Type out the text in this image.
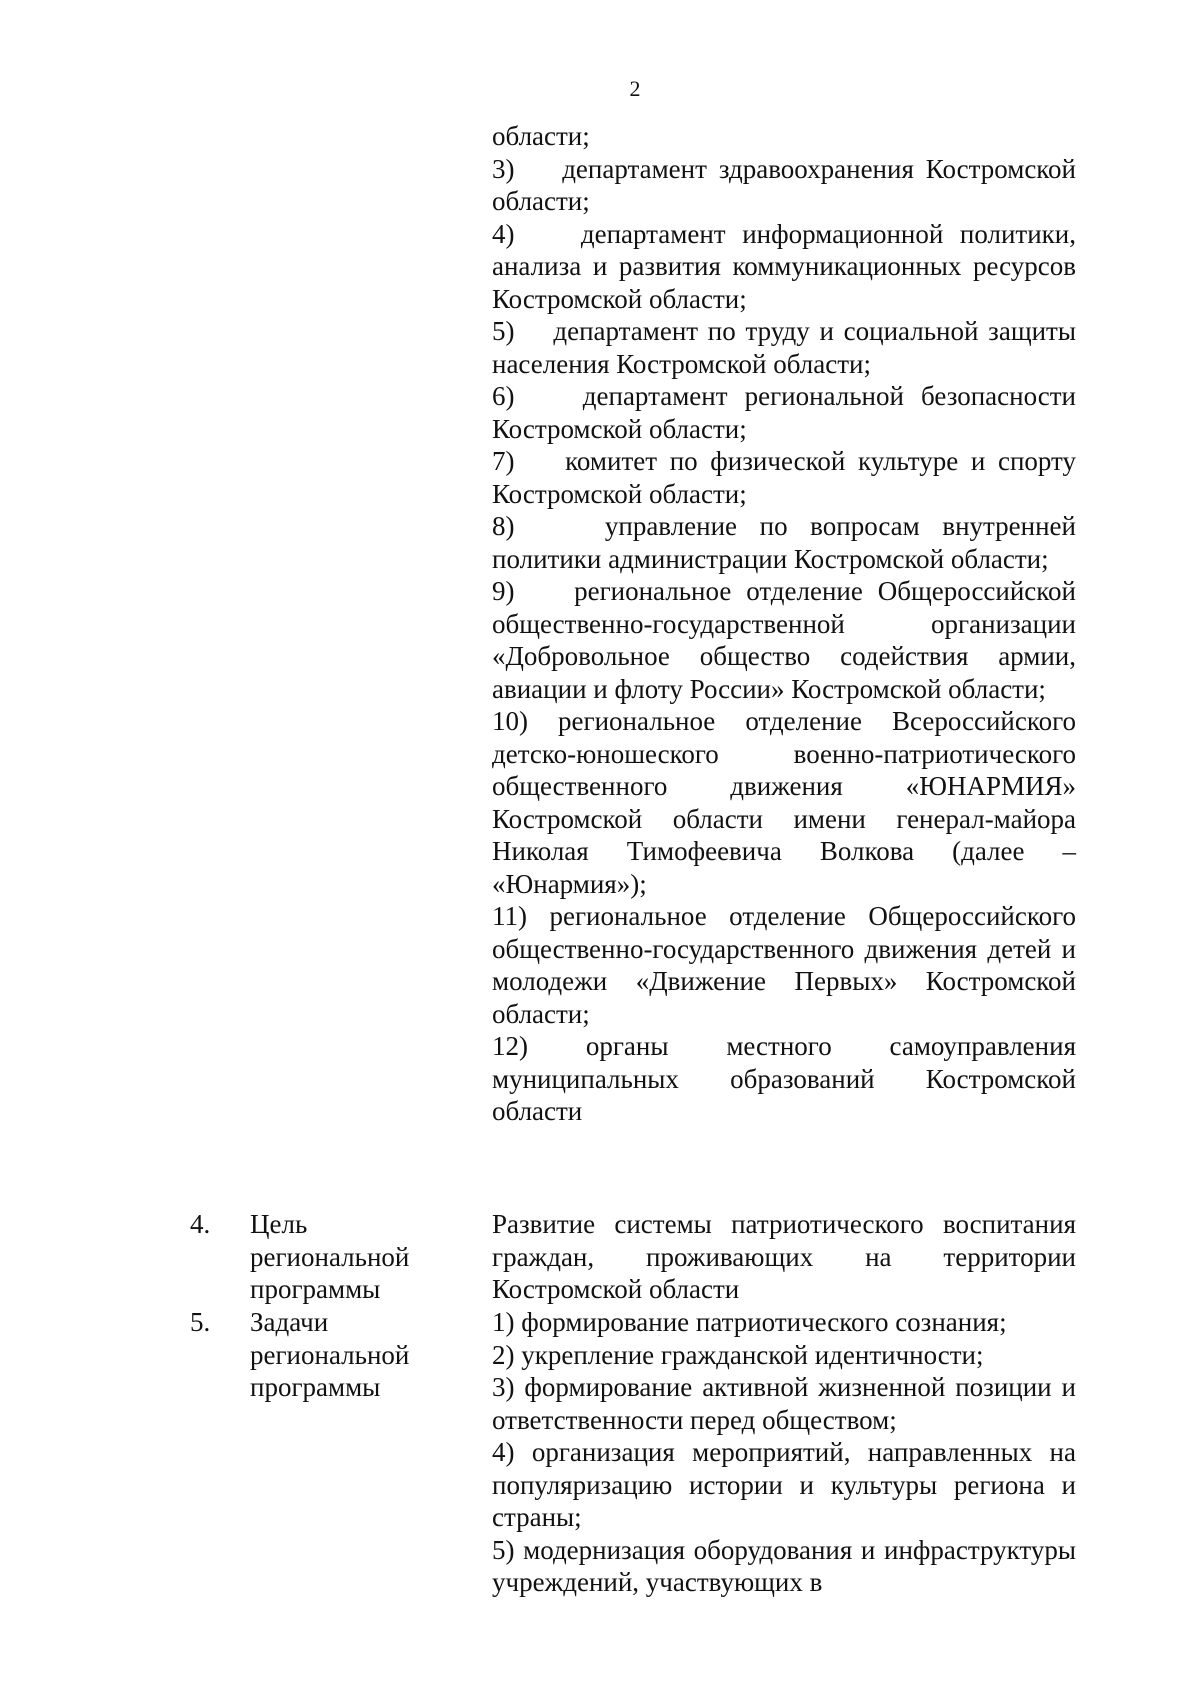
2

области;

3)    департамент здравоохранения Костромской области;

4)    департамент информационной политики, анализа и развития коммуникационных ресурсов Костромской области;

5)    департамент по труду и социальной защиты населения Костромской области;

6)    департамент региональной безопасности Костромской области;

7)    комитет по физической культуре и спорту Костромской области;

8)    управление по вопросам внутренней политики администрации Костромской области;

9)    региональное отделение Общероссийской общественно-государственной организации «Добровольное общество содействия армии, авиации и флоту России» Костромской области;

10) региональное отделение Всероссийского детско-юношеского военно-патриотического общественного движения «ЮНАРМИЯ» Костромской области имени генерал-майора Николая Тимофеевича Волкова (далее – «Юнармия»);

11) региональное отделение Общероссийского общественно-государственного движения детей и молодежи «Движение Первых» Костромской области;

12) органы местного самоуправления муниципальных образований Костромской области

4. Цель региональной программы

Развитие системы патриотического воспитания граждан, проживающих на территории Костромской области

5. Задачи региональной программы

1) формирование патриотического сознания;

2) укрепление гражданской идентичности;

3) формирование активной жизненной позиции и ответственности перед обществом;

4) организация мероприятий, направленных на популяризацию истории и культуры региона и страны;

5) модернизация оборудования и инфраструктуры учреждений, участвующих в
